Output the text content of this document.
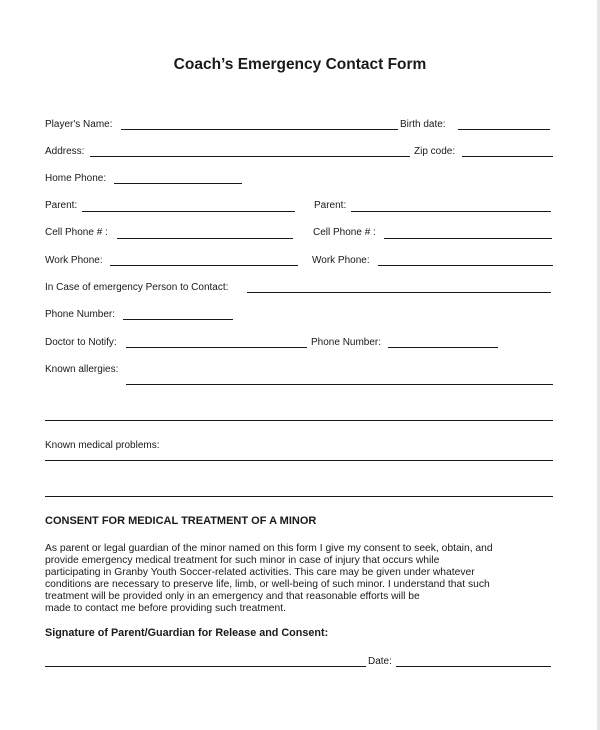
Coach’s Emergency Contact Form
Player's Name:	Birth date:
Address:	Zip code:
Home Phone:
Parent:	Parent:
Cell Phone # :	Cell Phone # :
Work Phone:	Work Phone:
In Case of emergency Person to Contact:
Phone Number:
Doctor to Notify:	Phone Number:
Known allergies:
Known medical problems:
CONSENT FOR MEDICAL TREATMENT OF A MINOR
As parent or legal guardian of the minor named on this form I give my consent to seek, obtain, and
provide emergency medical treatment for such minor in case of injury that occurs while
participating in Granby Youth Soccer-related activities. This care may be given under whatever
conditions are necessary to preserve life, limb, or well-being of such minor. I understand that such
treatment will be provided only in an emergency and that reasonable efforts will be
made to contact me before providing such treatment.
Signature of Parent/Guardian for Release and Consent:
Date:
